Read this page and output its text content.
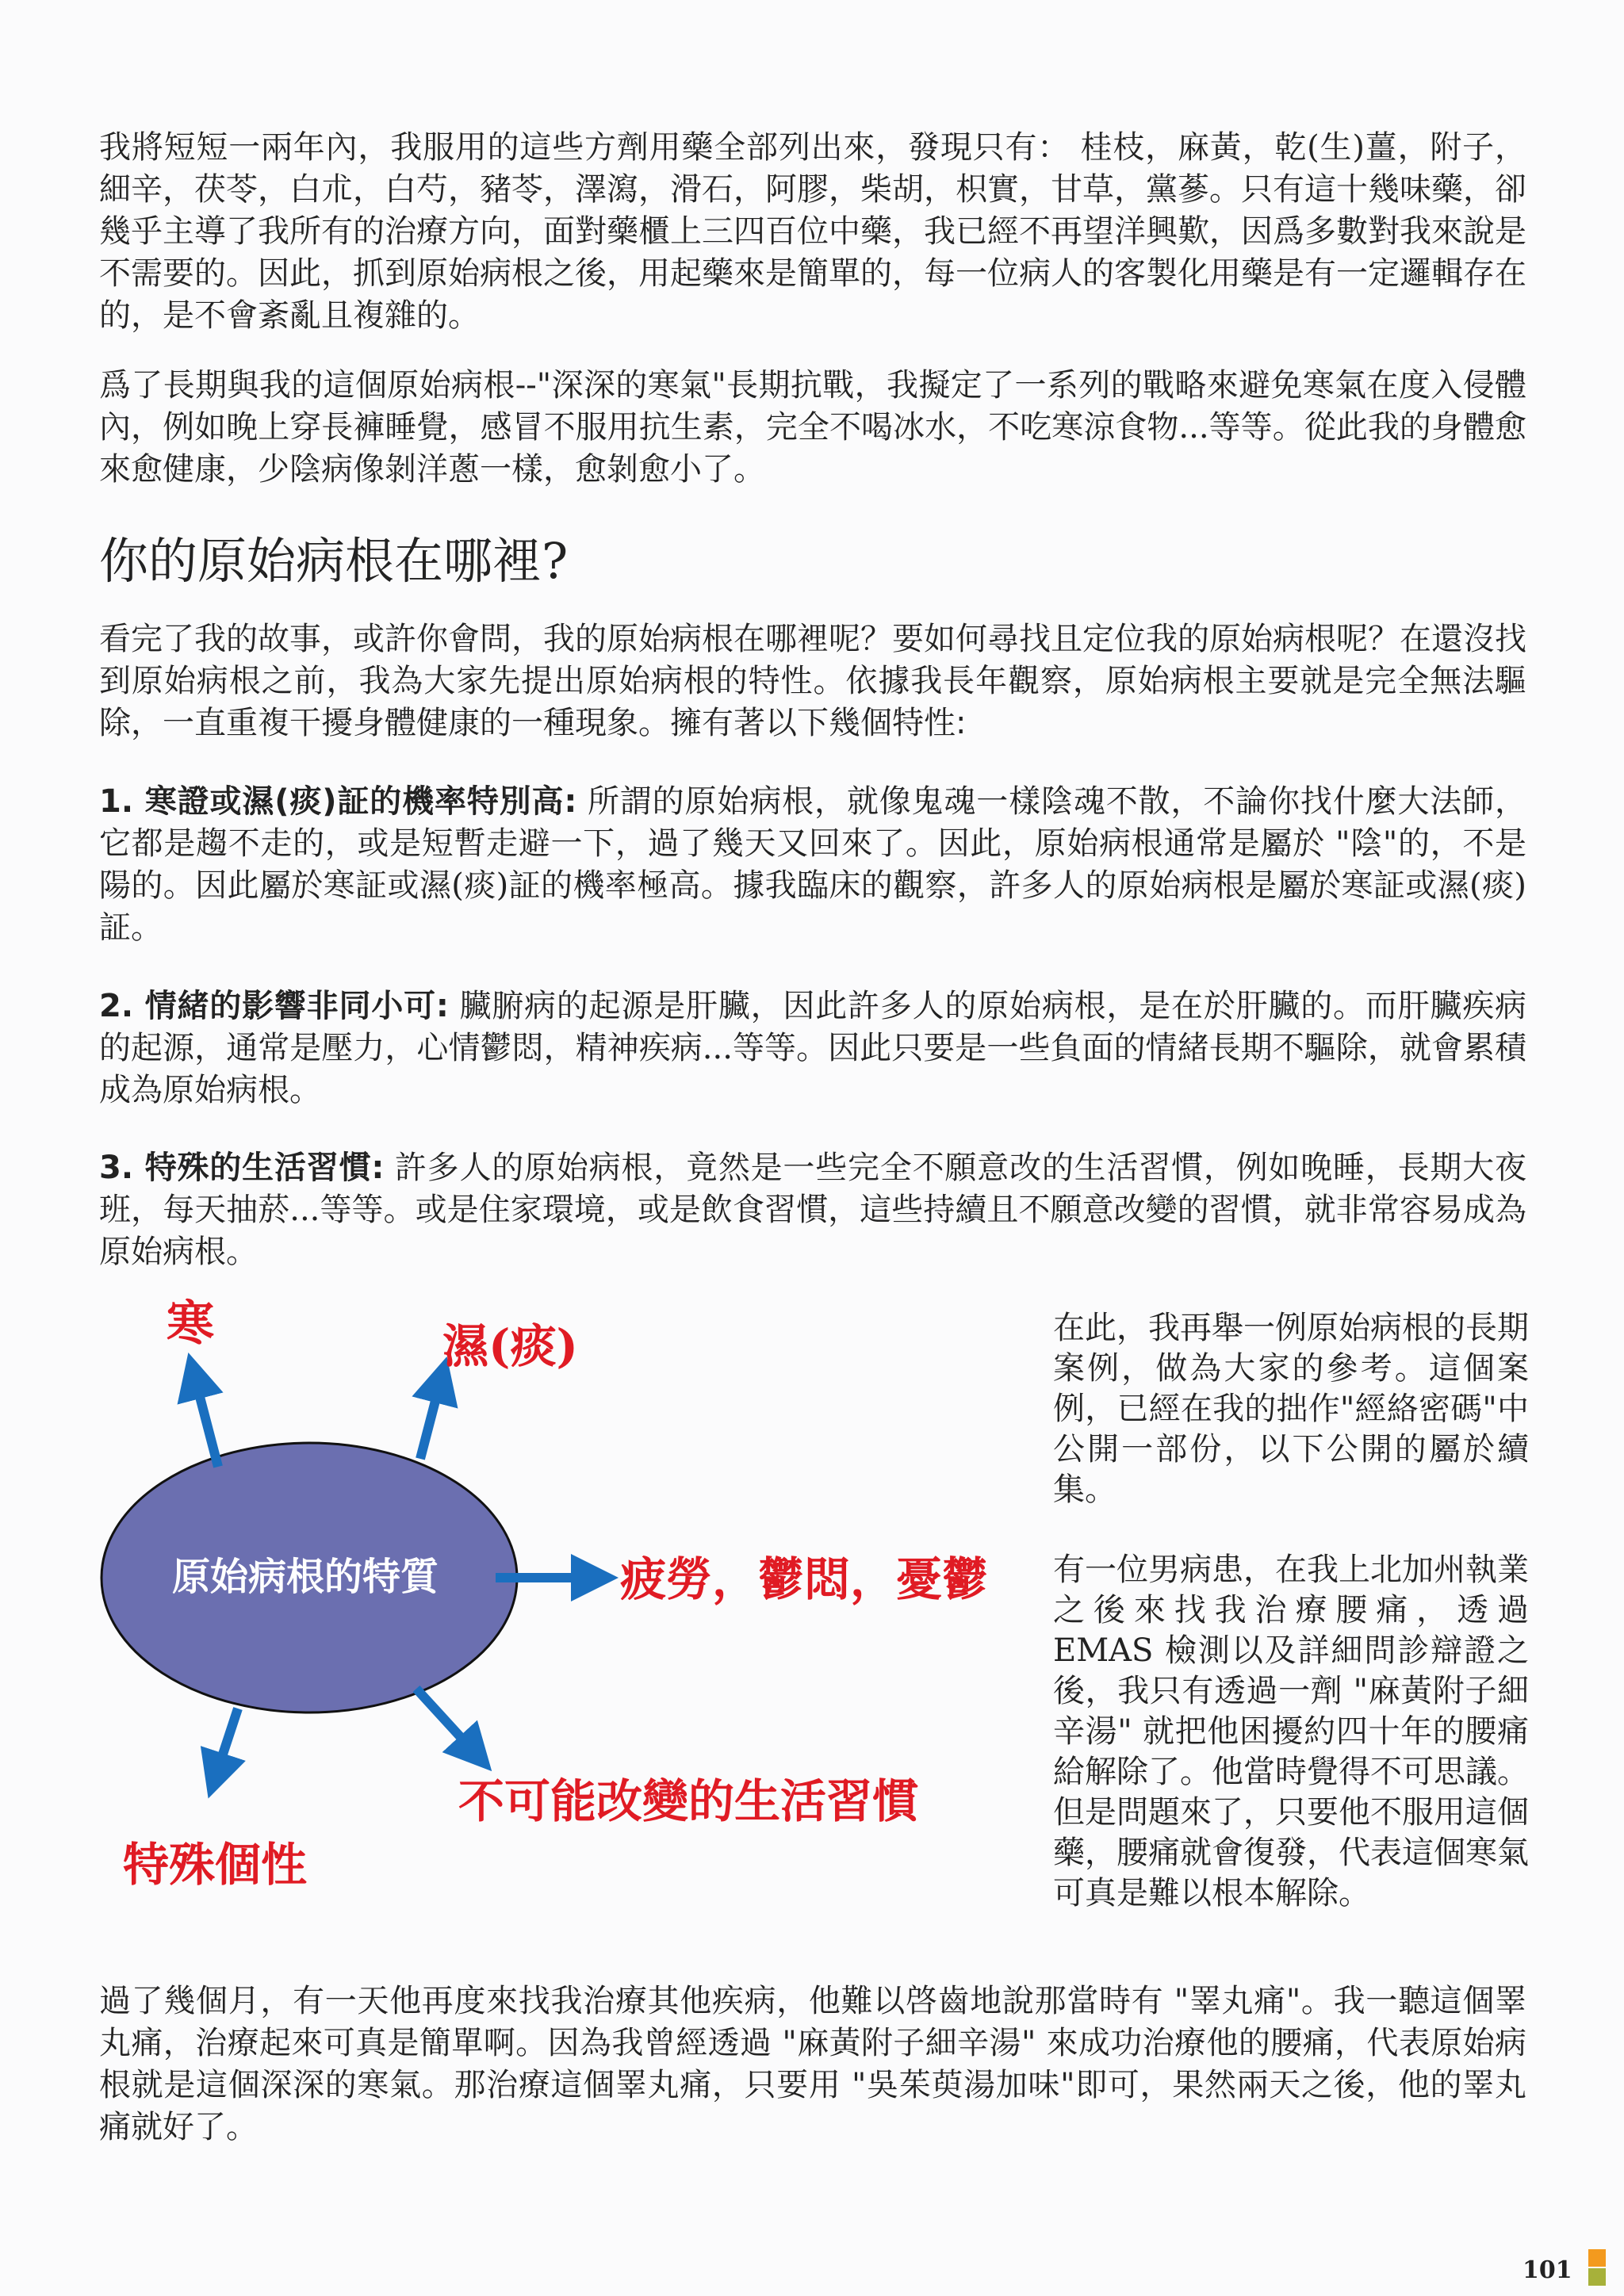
我將短短一兩年內，我服用的這些方劑用藥全部列出來，發現只有： 桂枝，麻黃，乾(生)薑，附子，細辛，茯苓，白朮，白芍，豬苓，澤瀉，滑石，阿膠，柴胡，枳實，甘草，黨蔘。只有這十幾味藥，卻幾乎主導了我所有的治療方向，面對藥櫃上三四百位中藥，我已經不再望洋興歎，因爲多數對我來說是不需要的。因此，抓到原始病根之後，用起藥來是簡單的，每一位病人的客製化用藥是有一定邏輯存在的，是不會紊亂且複雜的。

爲了長期與我的這個原始病根--"深深的寒氣"長期抗戰，我擬定了一系列的戰略來避免寒氣在度入侵體內，例如晚上穿長褲睡覺，感冒不服用抗生素，完全不喝冰水，不吃寒涼食物...等等。從此我的身體愈來愈健康，少陰病像剝洋蔥一樣，愈剝愈小了。

你的原始病根在哪裡?

看完了我的故事，或許你會問，我的原始病根在哪裡呢？要如何尋找且定位我的原始病根呢？在還沒找到原始病根之前，我為大家先提出原始病根的特性。依據我長年觀察，原始病根主要就是完全無法驅除，一直重複干擾身體健康的一種現象。擁有著以下幾個特性:

1. 寒證或濕(痰)証的機率特別高: 所謂的原始病根，就像鬼魂一樣陰魂不散，不論你找什麼大法師，它都是趨不走的，或是短暫走避一下，過了幾天又回來了。因此，原始病根通常是屬於 "陰"的，不是陽的。因此屬於寒証或濕(痰)証的機率極高。據我臨床的觀察，許多人的原始病根是屬於寒証或濕(痰)証。

2. 情緒的影響非同小可: 臟腑病的起源是肝臟，因此許多人的原始病根，是在於肝臟的。而肝臟疾病的起源，通常是壓力，心情鬱悶，精神疾病...等等。因此只要是一些負面的情緒長期不驅除，就會累積成為原始病根。

3. 特殊的生活習慣: 許多人的原始病根，竟然是一些完全不願意改的生活習慣，例如晚睡，長期大夜班，每天抽菸...等等。或是住家環境，或是飲食習慣，這些持續且不願意改變的習慣，就非常容易成為原始病根。

原始病根的特質
寒	濕(痰)
疲勞，鬱悶，憂鬱
不可能改變的生活習慣
特殊個性

在此，我再舉一例原始病根的長期案例，做為大家的參考。這個案例，已經在我的拙作"經絡密碼"中公開一部份，以下公開的屬於續集。

有一位男病患，在我上北加州執業之後來找我治療腰痛，透過EMAS 檢測以及詳細問診辯證之後，我只有透過一劑 "麻黃附子細辛湯" 就把他困擾約四十年的腰痛給解除了。他當時覺得不可思議。但是問題來了，只要他不服用這個藥，腰痛就會復發，代表這個寒氣可真是難以根本解除。

過了幾個月，有一天他再度來找我治療其他疾病，他難以啓齒地說那當時有 "睪丸痛"。我一聽這個睪丸痛，治療起來可真是簡單啊。因為我曾經透過 "麻黃附子細辛湯" 來成功治療他的腰痛，代表原始病根就是這個深深的寒氣。那治療這個睪丸痛，只要用 "吳茱萸湯加味"即可，果然兩天之後，他的睪丸痛就好了。

101
